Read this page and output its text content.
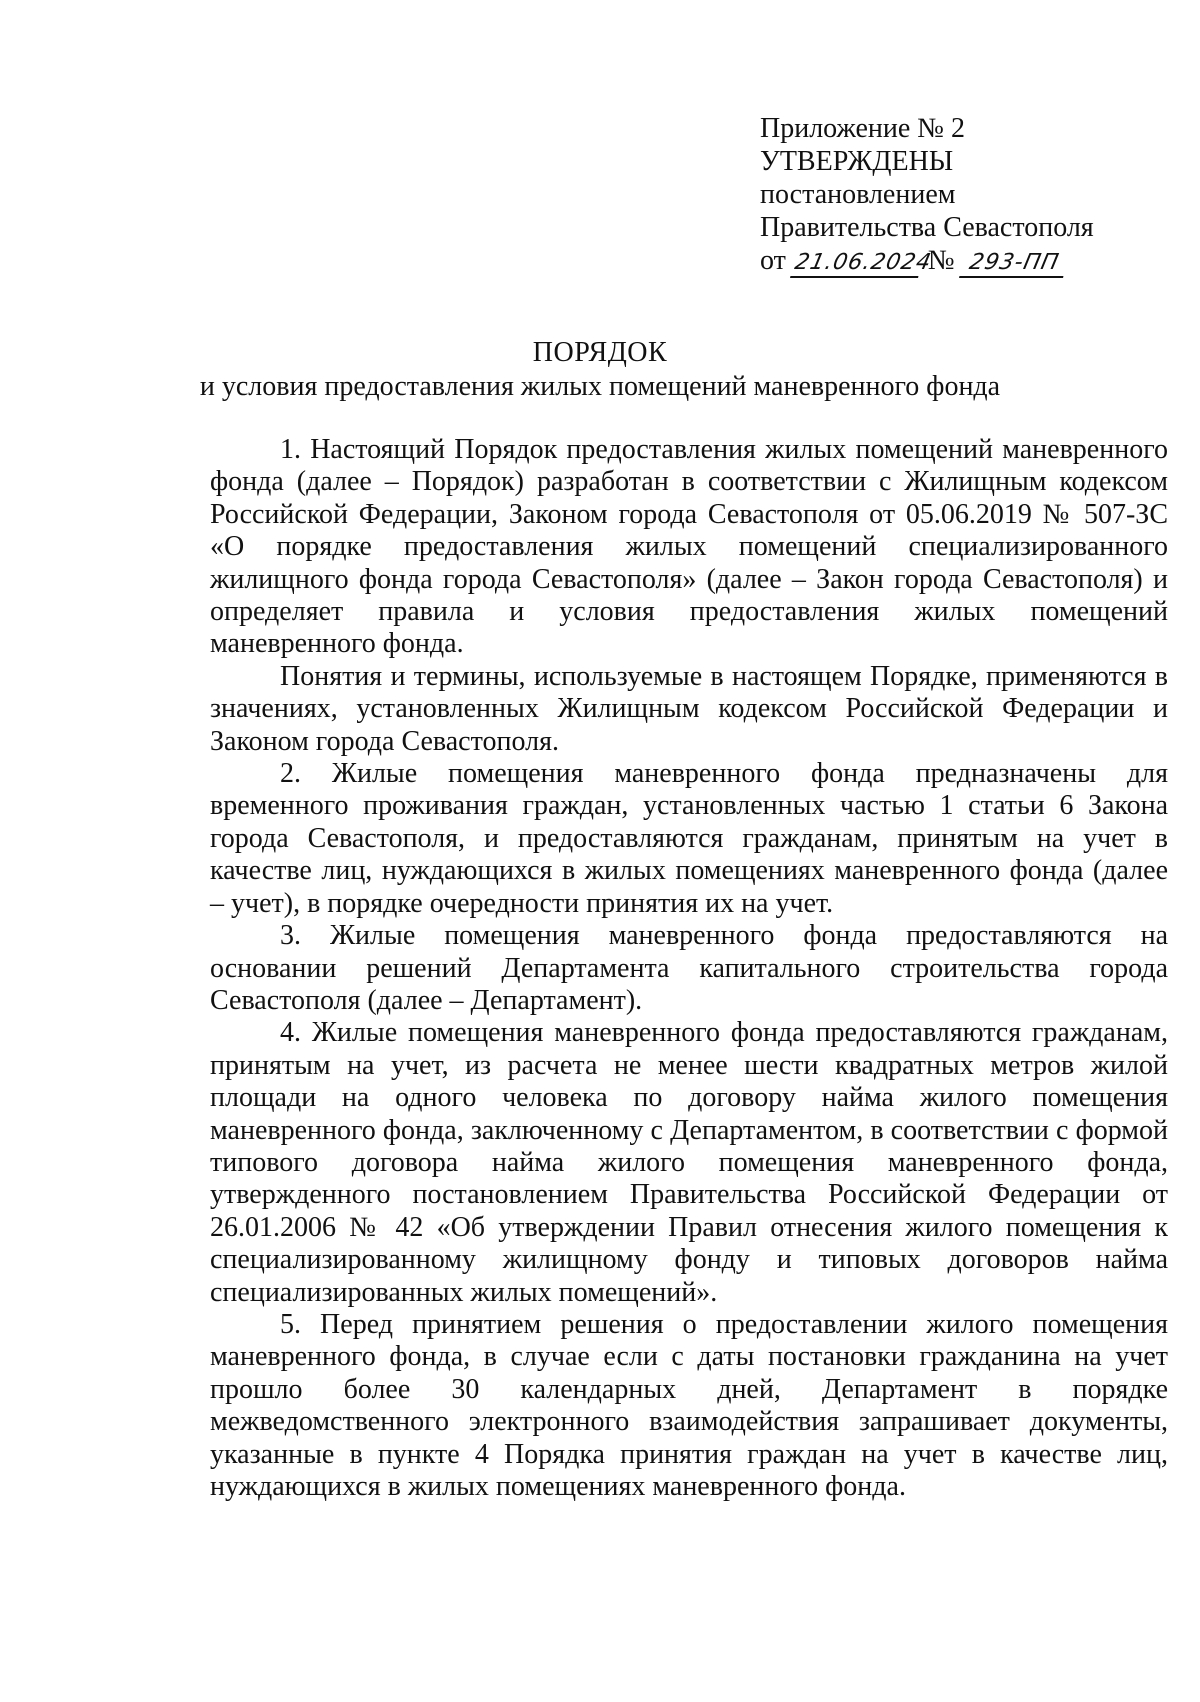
Приложение № 2
УТВЕРЖДЕНЫ
постановлением
Правительства Севастополя
от 21.06.2024 № 293-ПП
ПОРЯДОК
и условия предоставления жилых помещений маневренного фонда

1. Настоящий Порядок предоставления жилых помещений маневренного фонда (далее – Порядок) разработан в соответствии с Жилищным кодексом Российской Федерации, Законом города Севастополя от 05.06.2019 № 507-ЗС «О порядке предоставления жилых помещений специализированного жилищного фонда города Севастополя» (далее – Закон города Севастополя) и определяет правила и условия предоставления жилых помещений маневренного фонда.

Понятия и термины, используемые в настоящем Порядке, применяются в значениях, установленных Жилищным кодексом Российской Федерации и Законом города Севастополя.

2. Жилые помещения маневренного фонда предназначены для временного проживания граждан, установленных частью 1 статьи 6 Закона города Севастополя, и предоставляются гражданам, принятым на учет в качестве лиц, нуждающихся в жилых помещениях маневренного фонда (далее – учет), в порядке очередности принятия их на учет.

3. Жилые помещения маневренного фонда предоставляются на основании решений Департамента капитального строительства города Севастополя (далее – Департамент).

4. Жилые помещения маневренного фонда предоставляются гражданам, принятым на учет, из расчета не менее шести квадратных метров жилой площади на одного человека по договору найма жилого помещения маневренного фонда, заключенному с Департаментом, в соответствии с формой типового договора найма жилого помещения маневренного фонда, утвержденного постановлением Правительства Российской Федерации от 26.01.2006 № 42 «Об утверждении Правил отнесения жилого помещения к специализированному жилищному фонду и типовых договоров найма специализированных жилых помещений».

5. Перед принятием решения о предоставлении жилого помещения маневренного фонда, в случае если с даты постановки гражданина на учет прошло более 30 календарных дней, Департамент в порядке межведомственного электронного взаимодействия запрашивает документы, указанные в пункте 4 Порядка принятия граждан на учет в качестве лиц, нуждающихся в жилых помещениях маневренного фонда.
